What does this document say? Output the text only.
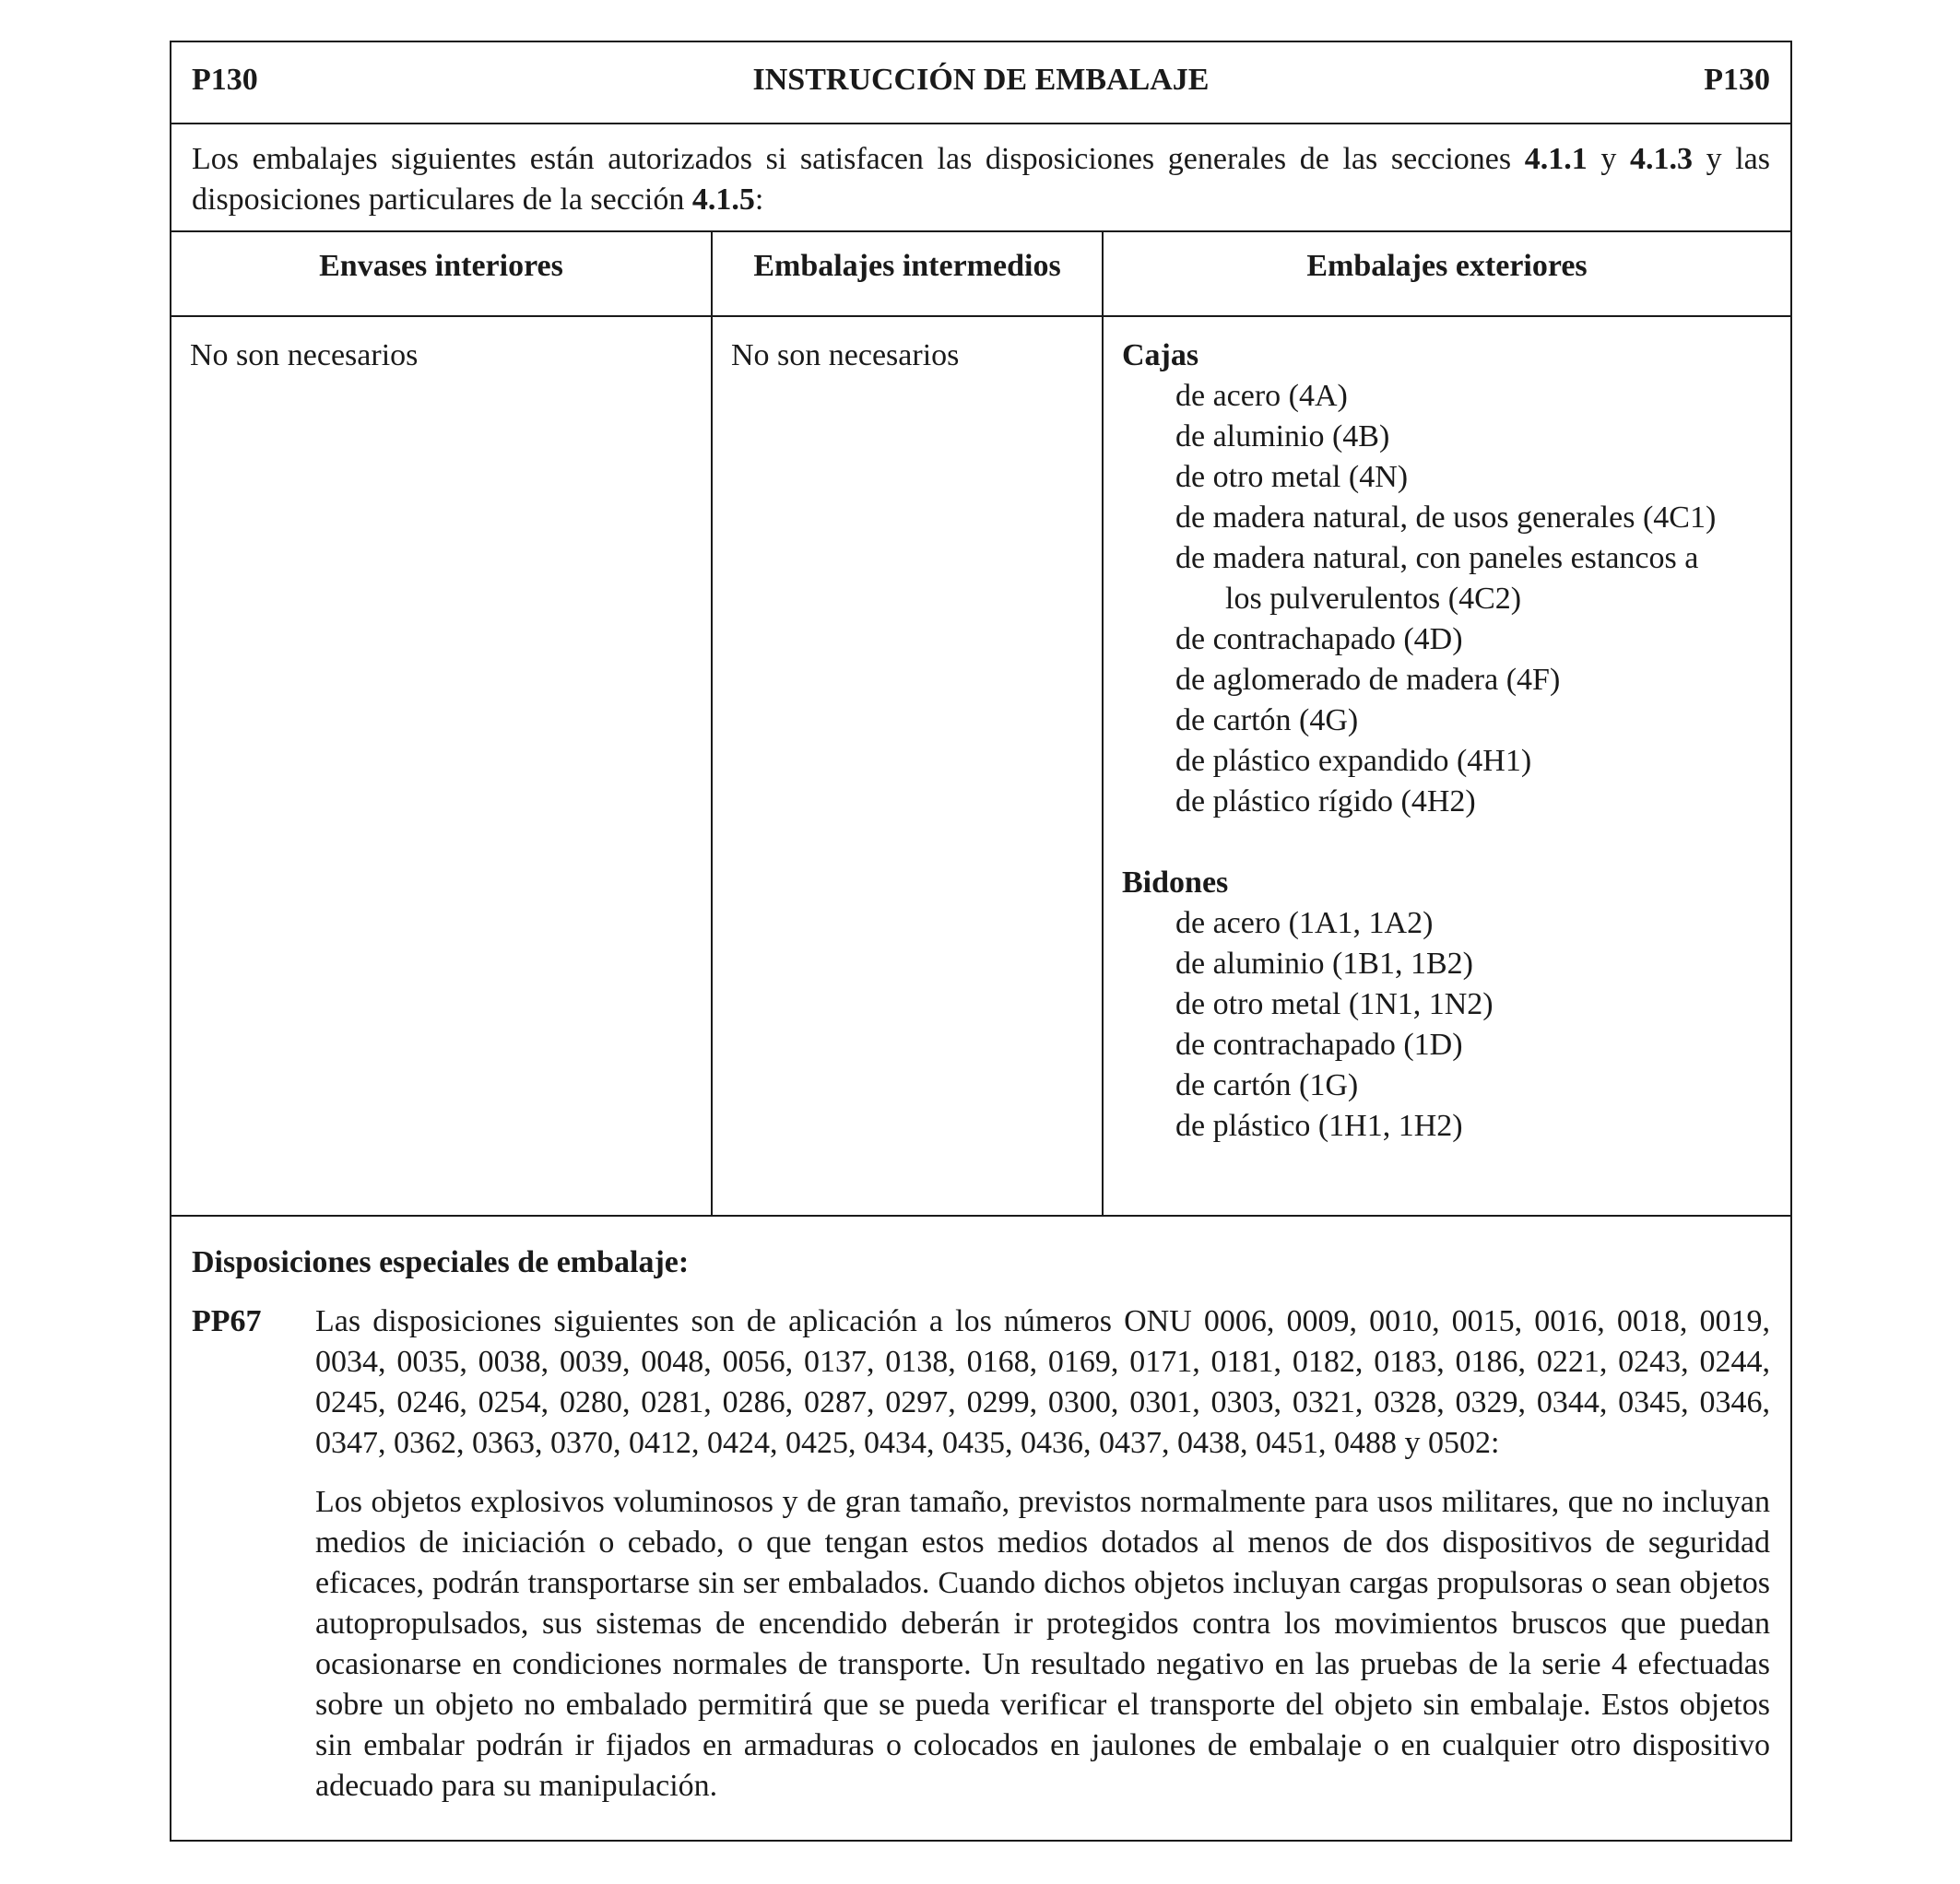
P130	INSTRUCCIÓN DE EMBALAJE	P130
Los embalajes siguientes están autorizados si satisfacen las disposiciones generales de las secciones 4.1.1 y 4.1.3 y las disposiciones particulares de la sección 4.1.5:
Envases interiores
No son necesarios
Embalajes intermedios
No son necesarios
Embalajes exteriores
Cajas
de acero (4A)
de aluminio (4B)
de otro metal (4N)
de madera natural, de usos generales (4C1)
de madera natural, con paneles estancos a
los pulverulentos (4C2)
de contrachapado (4D)
de aglomerado de madera (4F)
de cartón (4G)
de plástico expandido (4H1)
de plástico rígido (4H2)
Bidones
de acero (1A1, 1A2)
de aluminio (1B1, 1B2)
de otro metal (1N1, 1N2)
de contrachapado (1D)
de cartón (1G)
de plástico (1H1, 1H2)
Disposiciones especiales de embalaje:
PP67 Las disposiciones siguientes son de aplicación a los números ONU 0006, 0009, 0010, 0015, 0016, 0018, 0019, 0034, 0035, 0038, 0039, 0048, 0056, 0137, 0138, 0168, 0169, 0171, 0181, 0182, 0183, 0186, 0221, 0243, 0244, 0245, 0246, 0254, 0280, 0281, 0286, 0287, 0297, 0299, 0300, 0301, 0303, 0321, 0328, 0329, 0344, 0345, 0346, 0347, 0362, 0363, 0370, 0412, 0424, 0425, 0434, 0435, 0436, 0437, 0438, 0451, 0488 y 0502:

Los objetos explosivos voluminosos y de gran tamaño, previstos normalmente para usos militares, que no incluyan medios de iniciación o cebado, o que tengan estos medios dotados al menos de dos dispositivos de seguridad eficaces, podrán transportarse sin ser embalados. Cuando dichos objetos incluyan cargas propulsoras o sean objetos autopropulsados, sus sistemas de encendido deberán ir protegidos contra los movimientos bruscos que puedan ocasionarse en condiciones normales de transporte. Un resultado negativo en las pruebas de la serie 4 efectuadas sobre un objeto no embalado permitirá que se pueda verificar el transporte del objeto sin embalaje. Estos objetos sin embalar podrán ir fijados en armaduras o colocados en jaulones de embalaje o en cualquier otro dispositivo adecuado para su manipulación.
